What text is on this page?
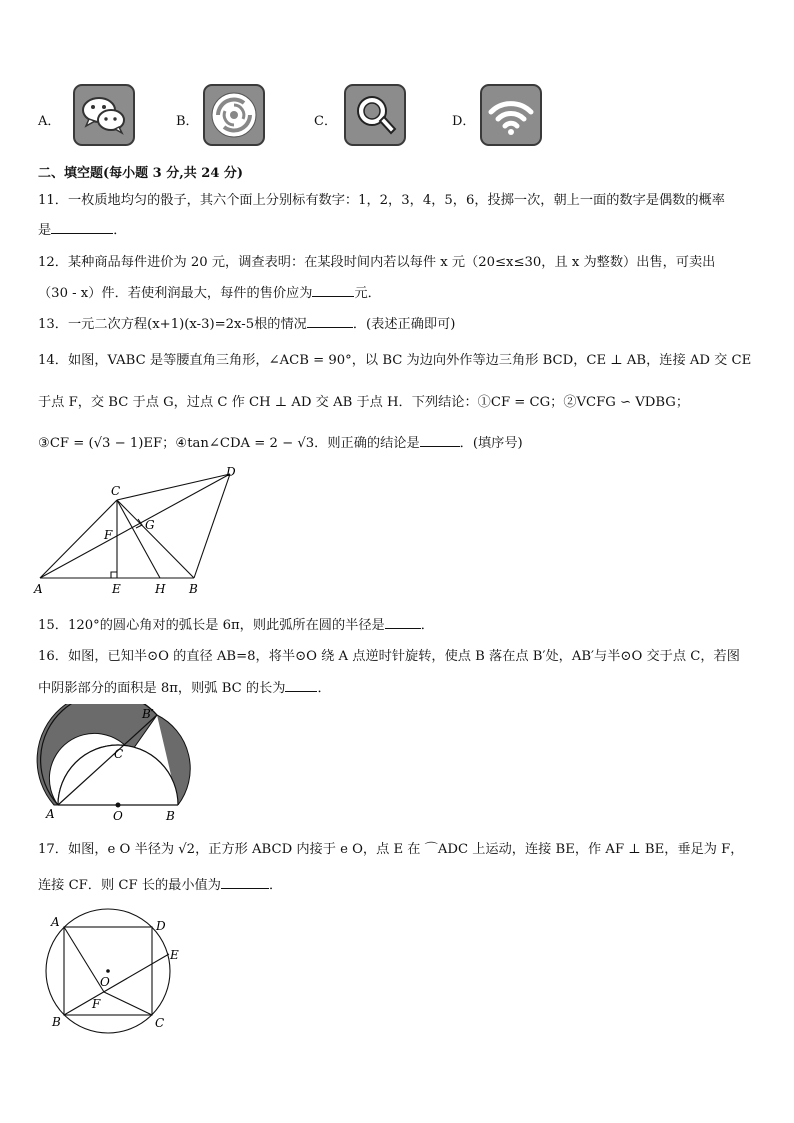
A．	B．	C．	D．
二、填空题(每小题 3 分,共 24 分)
11．一枚质地均匀的骰子，其六个面上分别标有数字：1，2，3，4，5，6，投掷一次，朝上一面的数字是偶数的概率
是	．
12．某种商品每件进价为 20 元，调查表明：在某段时间内若以每件 x 元（20≤x≤30，且 x 为整数）出售，可卖出
（30 - x）件．若使利润最大，每件的售价应为	元．
13．一元二次方程(x+1)(x-3)=2x-5根的情况	．(表述正确即可)
14．如图，VABC 是等腰直角三角形，∠ACB = 90°，以 BC 为边向外作等边三角形 BCD，CE ⊥ AB，连接 AD 交 CE
于点 F，交 BC 于点 G，过点 C 作 CH ⊥ AD 交 AB 于点 H．下列结论：①CF = CG；②VCFG ∽ VDBG；
③CF = (√3 − 1)EF；④tan∠CDA = 2 − √3．则正确的结论是	．(填序号)
A
C
D
E
F
G
H B
15．120°的圆心角对的弧长是 6π，则此弧所在圆的半径是	．
16．如图，已知半⊙O 的直径 AB=8，将半⊙O 绕 A 点逆时针旋转，使点 B 落在点 B′处，AB′与半⊙O 交于点 C，若图
中阴影部分的面积是 8π，则弧 BC 的长为 ．
A	O	B
C
B′
17．如图，e O 半径为 √2，正方形 ABCD 内接于 e O，点 E 在 ⌒ADC 上运动，连接 BE，作 AF ⊥ BE，垂足为 F，
连接 CF．则 CF 长的最小值为	．
A	D
E
O
F
B	C
